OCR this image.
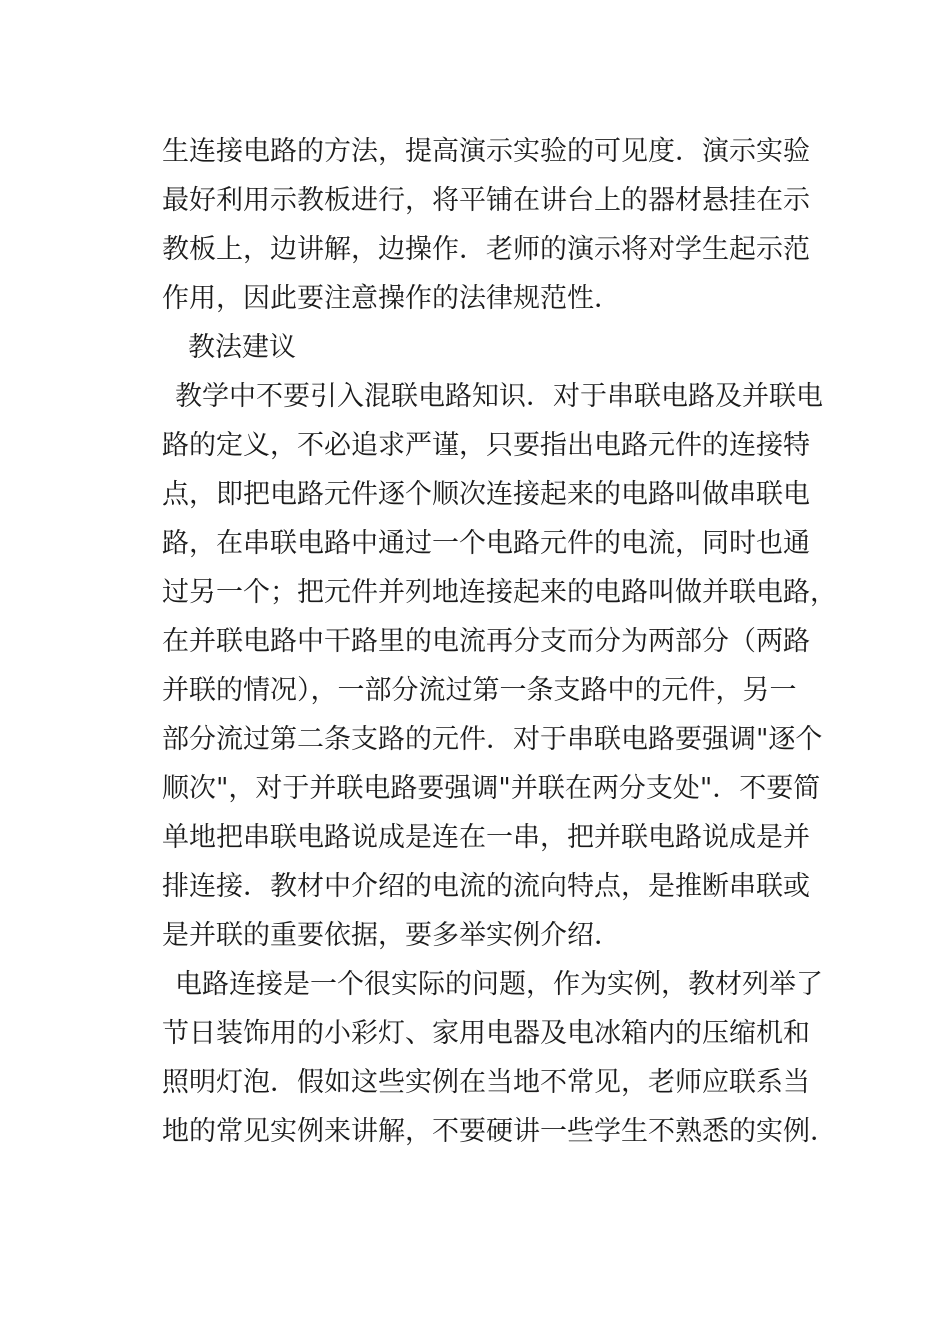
生连接电路的方法，提高演示实验的可见度．演示实验
最好利用示教板进行，将平铺在讲台上的器材悬挂在示
教板上，边讲解，边操作．老师的演示将对学生起示范
作用，因此要注意操作的法律规范性．
教法建议
教学中不要引入混联电路知识．对于串联电路及并联电
路的定义，不必追求严谨，只要指出电路元件的连接特
点，即把电路元件逐个顺次连接起来的电路叫做串联电
路，在串联电路中通过一个电路元件的电流，同时也通
过另一个；把元件并列地连接起来的电路叫做并联电路，
在并联电路中干路里的电流再分支而分为两部分（两路
并联的情况），一部分流过第一条支路中的元件，另一
部分流过第二条支路的元件．对于串联电路要强调"逐个
顺次"，对于并联电路要强调"并联在两分支处"．不要简
单地把串联电路说成是连在一串，把并联电路说成是并
排连接．教材中介绍的电流的流向特点，是推断串联或
是并联的重要依据，要多举实例介绍．
电路连接是一个很实际的问题，作为实例，教材列举了
节日装饰用的小彩灯、家用电器及电冰箱内的压缩机和
照明灯泡．假如这些实例在当地不常见，老师应联系当
地的常见实例来讲解，不要硬讲一些学生不熟悉的实例．
